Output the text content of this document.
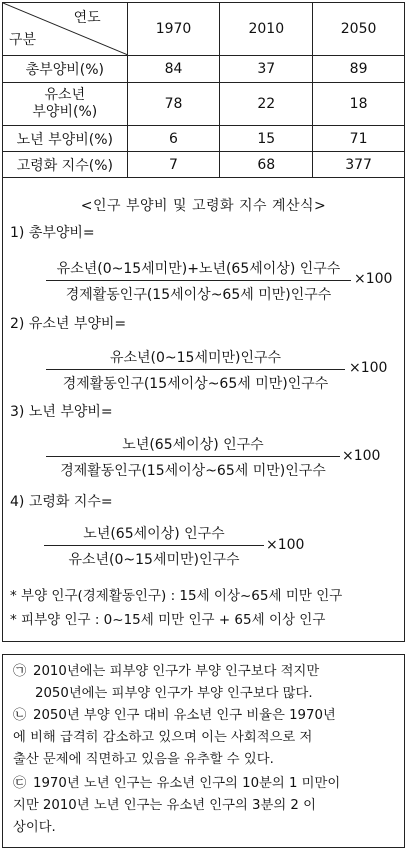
연도
구분	1970	2010	2050
총부양비(%)	84	37	89

유소년
부양비(%)	78	22	18
노년 부양비(%)	6	15	71
고령화 지수(%)	7	68	377
<인구 부양비 및 고령화 지수 계산식>
1) 총부양비=
유소년(0~15세미만)+노년(65세이상) 인구수
경제활동인구(15세이상~65세 미만)인구수
×100
2) 유소년 부양비=
유소년(0~15세미만)인구수
경제활동인구(15세이상~65세 미만)인구수
×100
3) 노년 부양비=
노년(65세이상) 인구수
경제활동인구(15세이상~65세 미만)인구수
×100
4) 고령화 지수=
노년(65세이상) 인구수
유소년(0~15세미만)인구수
×100
* 부양 인구(경제활동인구) : 15세 이상~65세 미만 인구
* 피부양 인구 : 0~15세 미만 인구 + 65세 이상 인구
㉠ 2010년에는 피부양 인구가 부양 인구보다 적지만
2050년에는 피부양 인구가 부양 인구보다 많다.
㉡ 2050년 부양 인구 대비 유소년 인구 비율은 1970년
에 비해 급격히 감소하고 있으며 이는 사회적으로 저
출산 문제에 직면하고 있음을 유추할 수 있다.
㉢ 1970년 노년 인구는 유소년 인구의 10분의 1 미만이
지만 2010년 노년 인구는 유소년 인구의 3분의 2 이
상이다.
